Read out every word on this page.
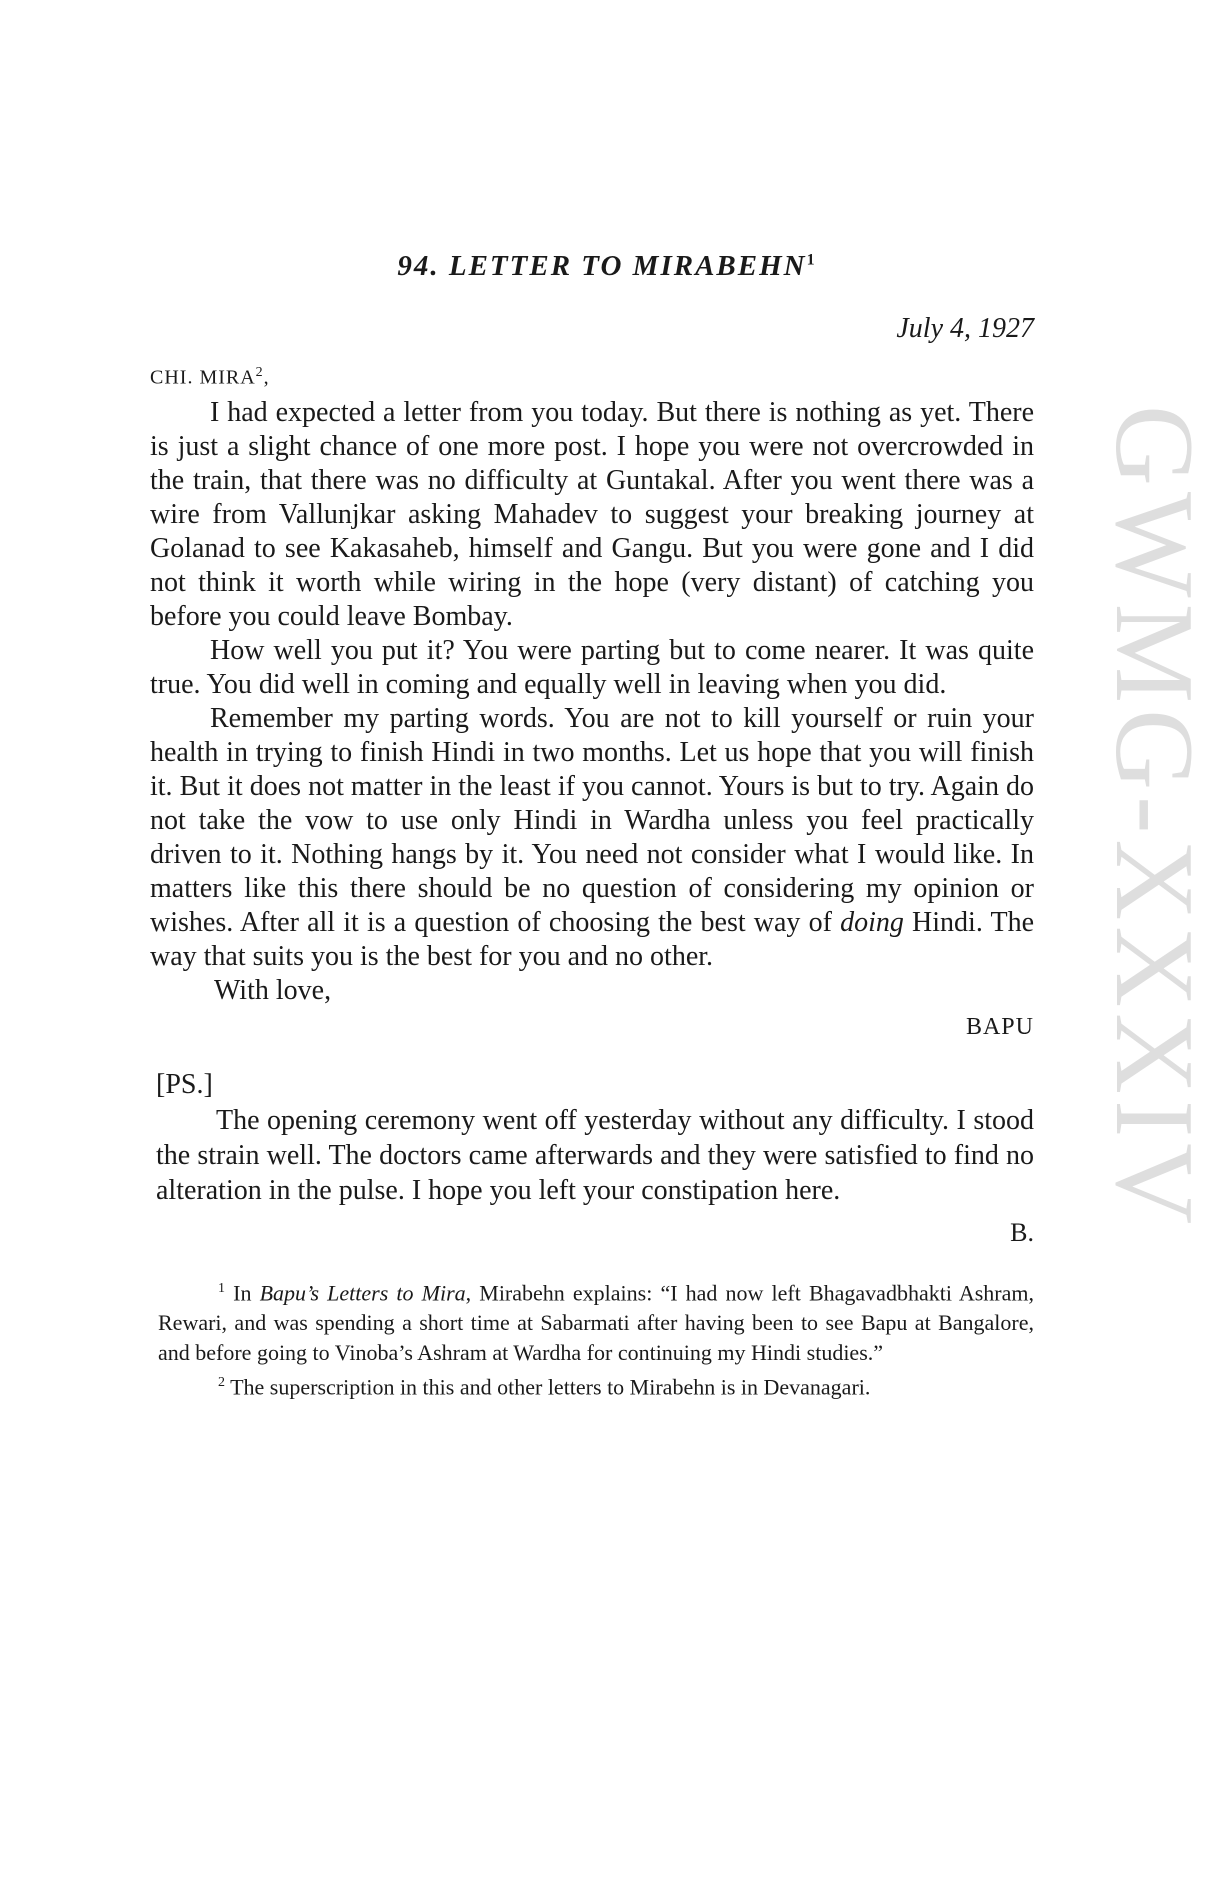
GWMG-XXXIV
94. LETTER TO MIRABEHN$^1$
July 4, 1927
CHI. MIRA$^2$,

I had expected a letter from you today. But there is nothing as yet. There is just a slight chance of one more post. I hope you were not overcrowded in the train, that there was no difficulty at Guntakal. After you went there was a wire from Vallunjkar asking Mahadev to suggest your breaking journey at Golanad to see Kakasaheb, himself and Gangu. But you were gone and I did not think it worth while wiring in the hope (very distant) of catching you before you could leave Bombay.

How well you put it? You were parting but to come nearer. It was quite true. You did well in coming and equally well in leaving when you did.

Remember my parting words. You are not to kill yourself or ruin your health in trying to finish Hindi in two months. Let us hope that you will finish it. But it does not matter in the least if you cannot. Yours is but to try. Again do not take the vow to use only Hindi in Wardha unless you feel practically driven to it. Nothing hangs by it. You need not consider what I would like. In matters like this there should be no question of considering my opinion or wishes. After all it is a question of choosing the best way of doing Hindi. The way that suits you is the best for you and no other.

With love,

BAPU
[PS.]

The opening ceremony went off yesterday without any difficulty. I stood the strain well. The doctors came afterwards and they were satisfied to find no alteration in the pulse. I hope you left your constipation here.

B.

$^1$ In Bapu’s Letters to Mira, Mirabehn explains: “I had now left Bhagavadbhakti Ashram, Rewari, and was spending a short time at Sabarmati after having been to see Bapu at Bangalore, and before going to Vinoba’s Ashram at Wardha for continuing my Hindi studies.”

$^2$ The superscription in this and other letters to Mirabehn is in Devanagari.
